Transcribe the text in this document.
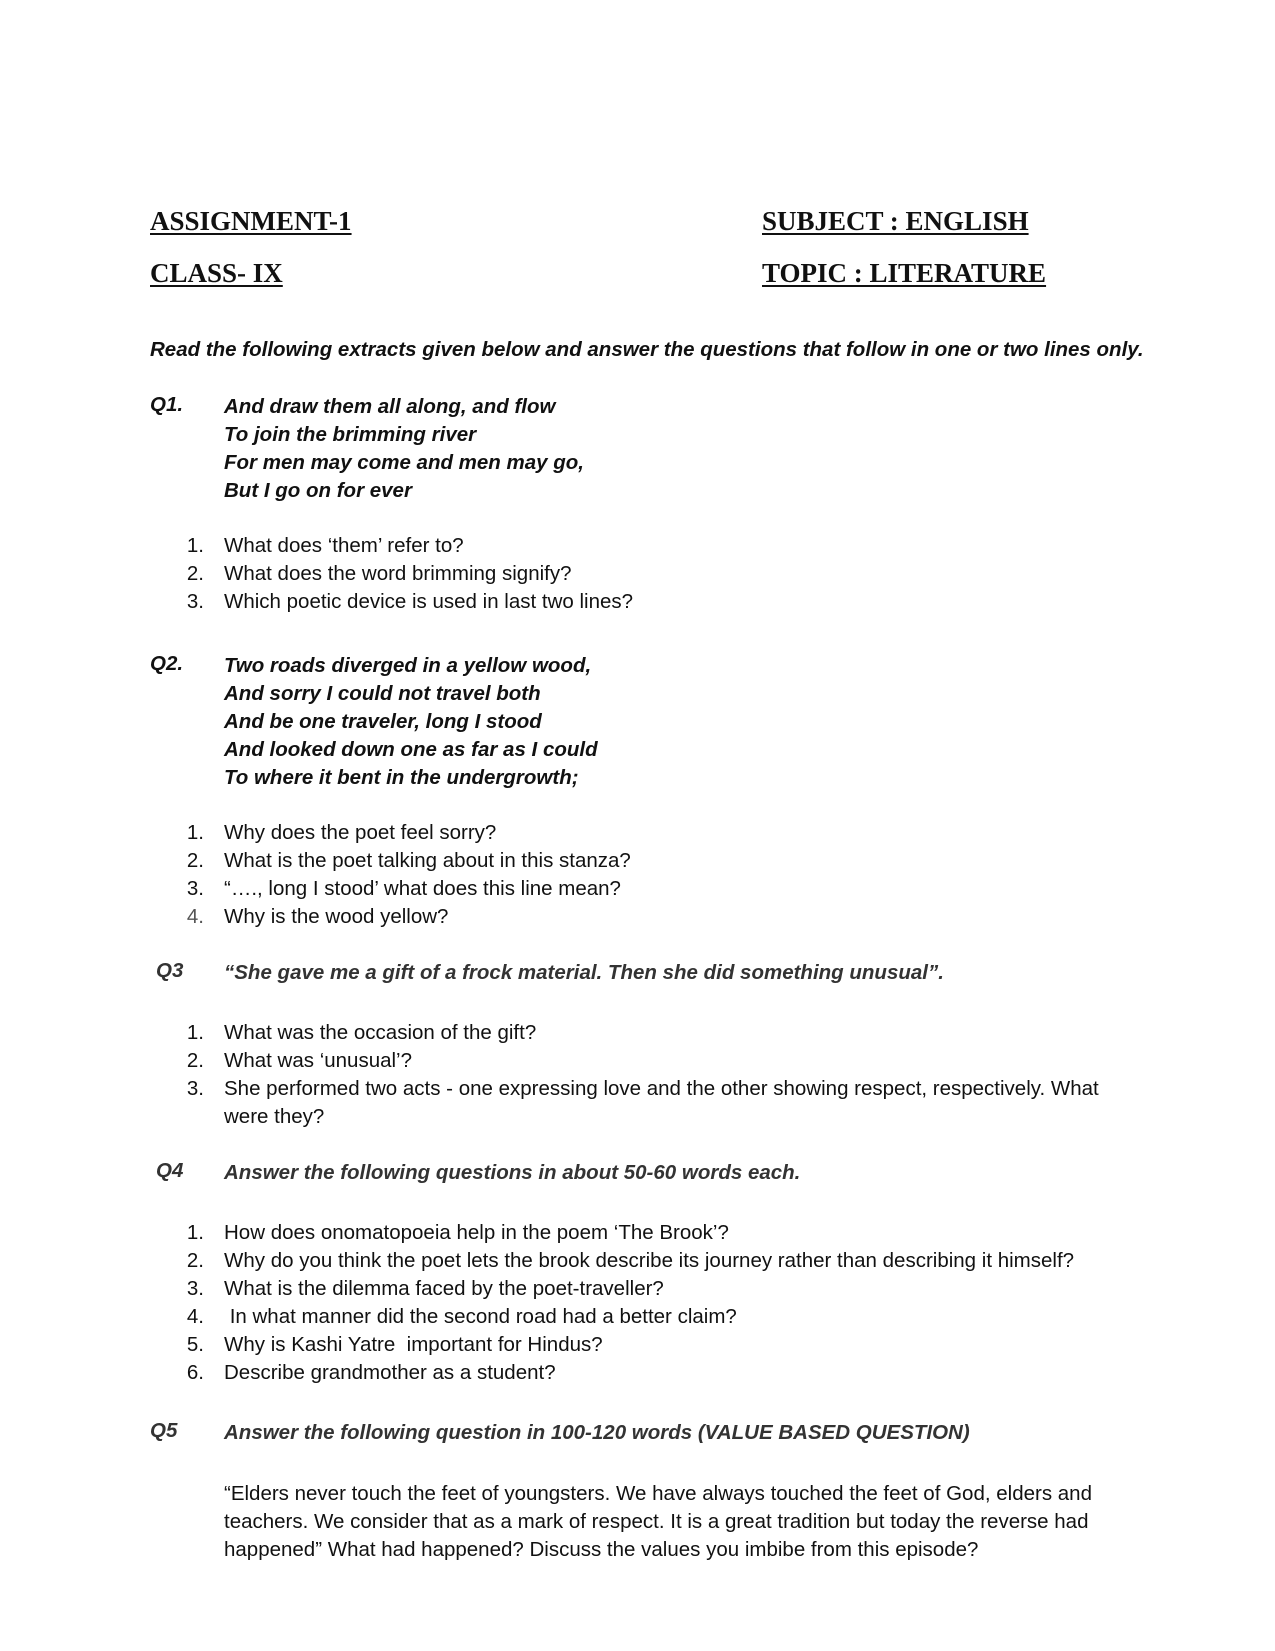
ASSIGNMENT-1	SUBJECT : ENGLISH
CLASS- IX	TOPIC : LITERATURE
Read the following extracts given below and answer the questions that follow in one or two lines only.
Q1. And draw them all along, and flow
To join the brimming river
For men may come and men may go,
But I go on for ever
1. What does ‘them’ refer to?
2. What does the word brimming signify?
3. Which poetic device is used in last two lines?
Q2. Two roads diverged in a yellow wood,
And sorry I could not travel both
And be one traveler, long I stood
And looked down one as far as I could
To where it bent in the undergrowth;
1. Why does the poet feel sorry?
2. What is the poet talking about in this stanza?
3. “…., long I stood’ what does this line mean?
4. Why is the wood yellow?
Q3 “She gave me a gift of a frock material. Then she did something unusual”.
1. What was the occasion of the gift?
2. What was ‘unusual’?
3. She performed two acts - one expressing love and the other showing respect, respectively. What were they?
Q4 Answer the following questions in about 50-60 words each.
1. How does onomatopoeia help in the poem ‘The Brook’?
2. Why do you think the poet lets the brook describe its journey rather than describing it himself?
3. What is the dilemma faced by the poet-traveller?
4. In what manner did the second road had a better claim?
5. Why is Kashi Yatre  important for Hindus?
6. Describe grandmother as a student?
Q5 Answer the following question in 100-120 words (VALUE BASED QUESTION)
“Elders never touch the feet of youngsters. We have always touched the feet of God, elders and teachers. We consider that as a mark of respect. It is a great tradition but today the reverse had happened” What had happened? Discuss the values you imbibe from this episode?
